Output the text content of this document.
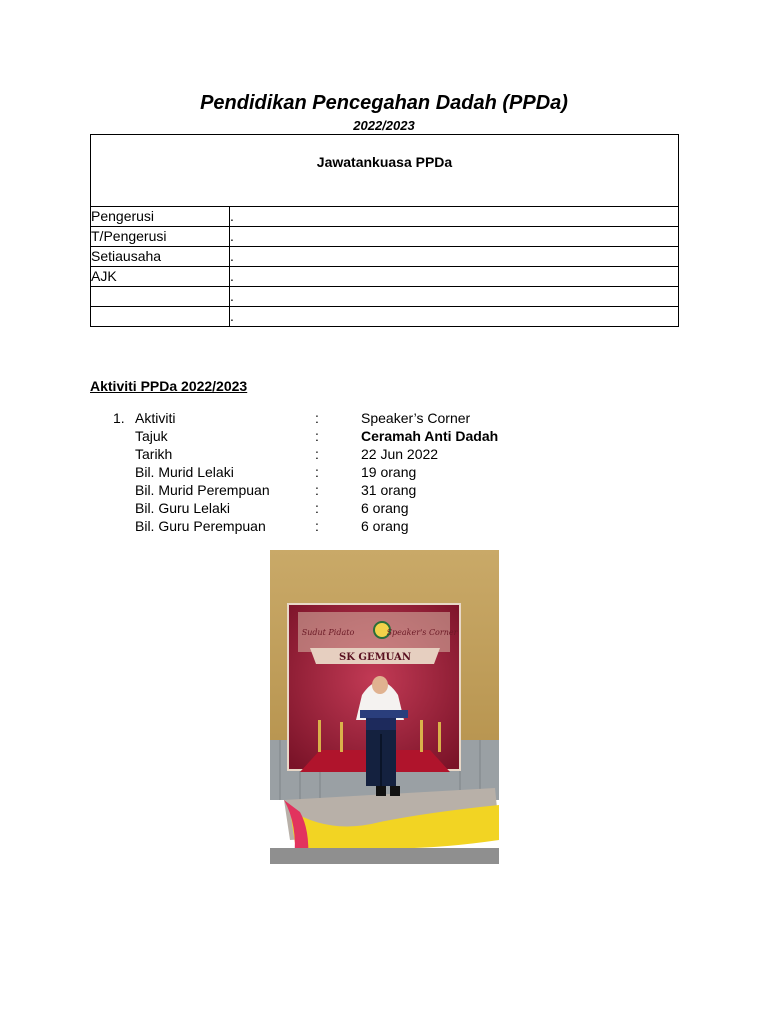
Pendidikan Pencegahan Dadah (PPDa)
2022/2023
Jawatankuasa PPDa	
Pengerusi	.
T/Pengerusi	.
Setiausaha	.
AJK	.
	.
	.
Aktiviti PPDa 2022/2023
1. Aktiviti	:	Speaker’s Corner
Tajuk	:	Ceramah Anti Dadah
Tarikh	:	22 Jun 2022
Bil. Murid Lelaki	:	19 orang
Bil. Murid Perempuan	:	31 orang
Bil. Guru Lelaki	:	6 orang
Bil. Guru Perempuan	:	6 orang
Sudut Pidato	Speaker's Corner
SK GEMUAN
